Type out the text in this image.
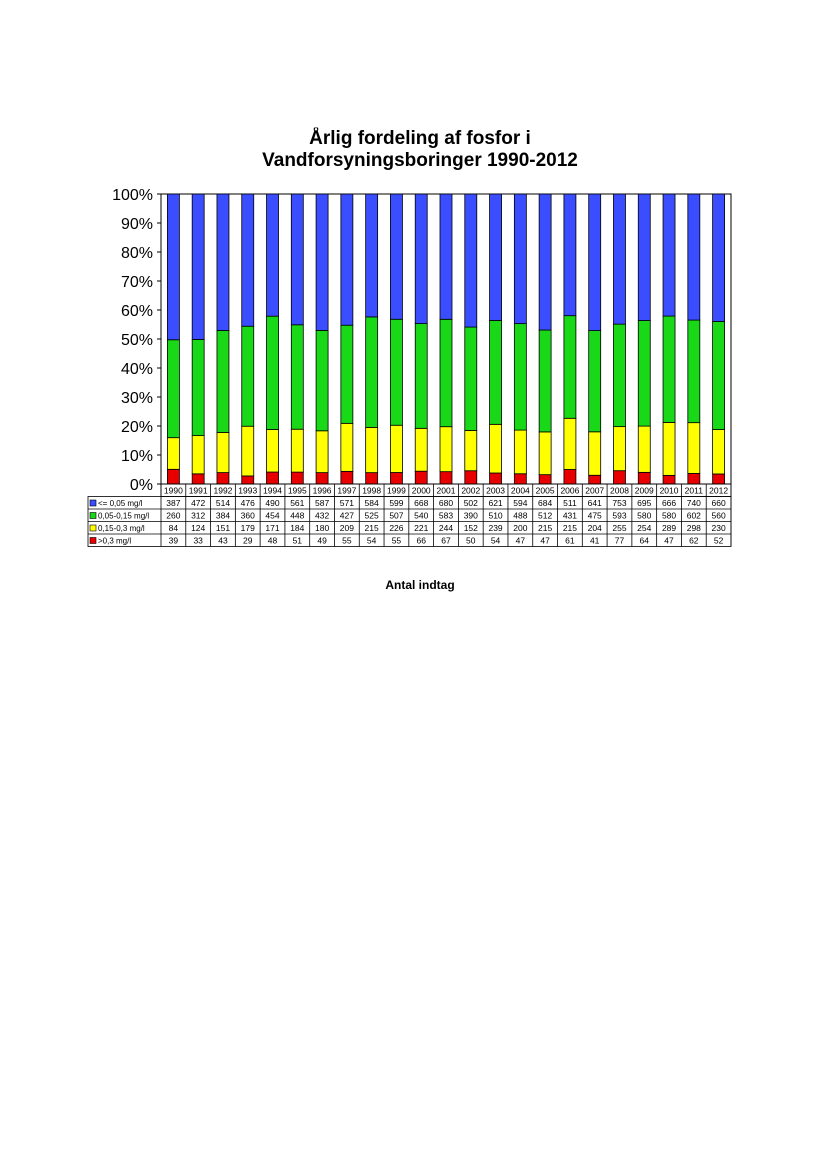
Årlig fordeling af fosfor i
Vandforsyningsboringer 1990-2012
0%
10%
20%
30%
40%
50%
60%
70%
80%
90%
100%
1990 1991 1992 1993 1994 1995 1996 1997 1998 1999 2000 2001 2002 2003 2004 2005 2006 2007 2008 2009 2010 2011 2012
<= 0,05 mg/l	387 472 514 476 490 561 587 571 584 599 668 680 502 621 594 684 511 641 753 695 666 740 660
0,05-0,15 mg/l 260 312 384 360 454 448 432 427 525 507 540 583 390 510 488 512 431 475 593 580 580 602 560
0,15-0,3 mg/l	84 124 151 179 171 184 180 209 215 226 221 244 152 239 200 215 215 204 255 254 289 298 230
>0,3 mg/l	39 33 43 29 48 51 49 55 54 55 66 67 50 54 47 47 61 41 77 64 47 62 52
Antal indtag
